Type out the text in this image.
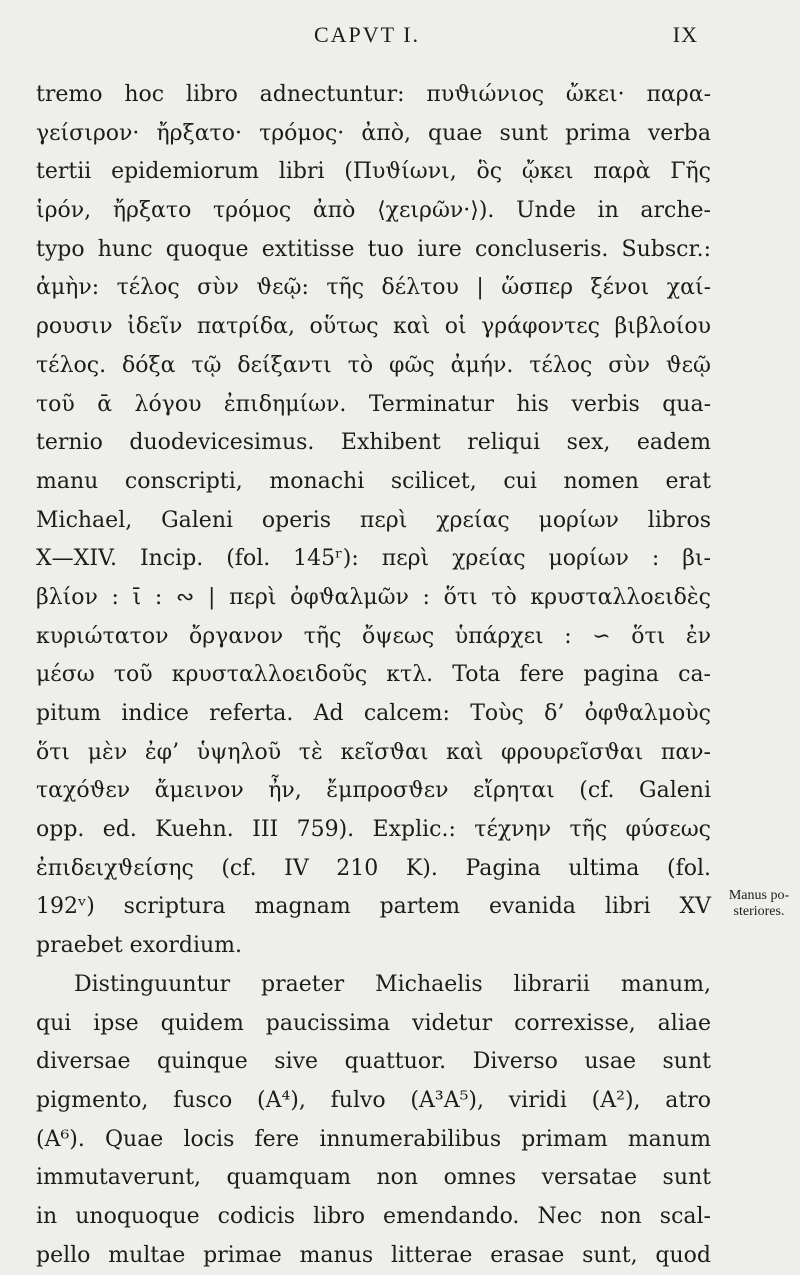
CAPVT I.	IX
tremo hoc libro adnectuntur: πυϑιώνιος ὤκει· παρα-
γείσιρον· ἤρξατο· τρόμος· ἀπὸ, quae sunt prima verba
tertii epidemiorum libri (Πυϑίωνι, ὃς ᾤκει παρὰ Γῆς
ἱρόν, ἤρξατο τρόμος ἀπὸ ⟨χειρῶν·⟩). Unde in arche-
typo hunc quoque extitisse tuo iure concluseris. Subscr.:
ἀμὴν: τέλος σὺν ϑεῷ: τῆς δέλτου | ὥσπερ ξένοι χαί-
ρουσιν ἰδεῖν πατρίδα, οὕτως καὶ οἱ γράφοντες βιβλοίου
τέλος. δόξα τῷ δείξαντι τὸ φῶς ἀμήν. τέλος σὺν ϑεῷ
τοῦ ᾱ λόγου ἐπιδημίων. Terminatur his verbis qua-
ternio duodevicesimus. Exhibent reliqui sex, eadem
manu conscripti, monachi scilicet, cui nomen erat
Michael, Galeni operis περὶ χρείας μορίων libros
X—XIV. Incip. (fol. 145ʳ): περὶ χρείας μορίων : βι-
βλίον : ῑ : ∾ | περὶ ὀφϑαλμῶν : ὅτι τὸ κρυσταλλοειδὲς
κυριώτατον ὄργανον τῆς ὄψεως ὑπάρχει : ∽ ὅτι ἐν
μέσω τοῦ κρυσταλλοειδοῦς κτλ. Tota fere pagina ca-
pitum indice referta. Ad calcem: Τοὺς δ’ ὀφϑαλμοὺς
ὅτι μὲν ἐφ’ ὑψηλοῦ τὲ κεῖσϑαι καὶ φρουρεῖσϑαι παν-
ταχόϑεν ἄμεινον ἦν, ἔμπροσϑεν εἴρηται (cf. Galeni
opp. ed. Kuehn. III 759). Explic.: τέχνην τῆς φύσεως
ἐπιδειχϑείσης (cf. IV 210 K). Pagina ultima (fol.
192ᵛ) scriptura magnam partem evanida libri XV
praebet exordium.
Distinguuntur praeter Michaelis librarii manum,
qui ipse quidem paucissima videtur correxisse, aliae
diversae quinque sive quattuor. Diverso usae sunt
pigmento, fusco (A⁴), fulvo (A³A⁵), viridi (A²), atro
(A⁶). Quae locis fere innumerabilibus primam manum
immutaverunt, quamquam non omnes versatae sunt
in unoquoque codicis libro emendando. Nec non scal-
pello multae primae manus litterae erasae sunt, quod
Manus po-
steriores.
